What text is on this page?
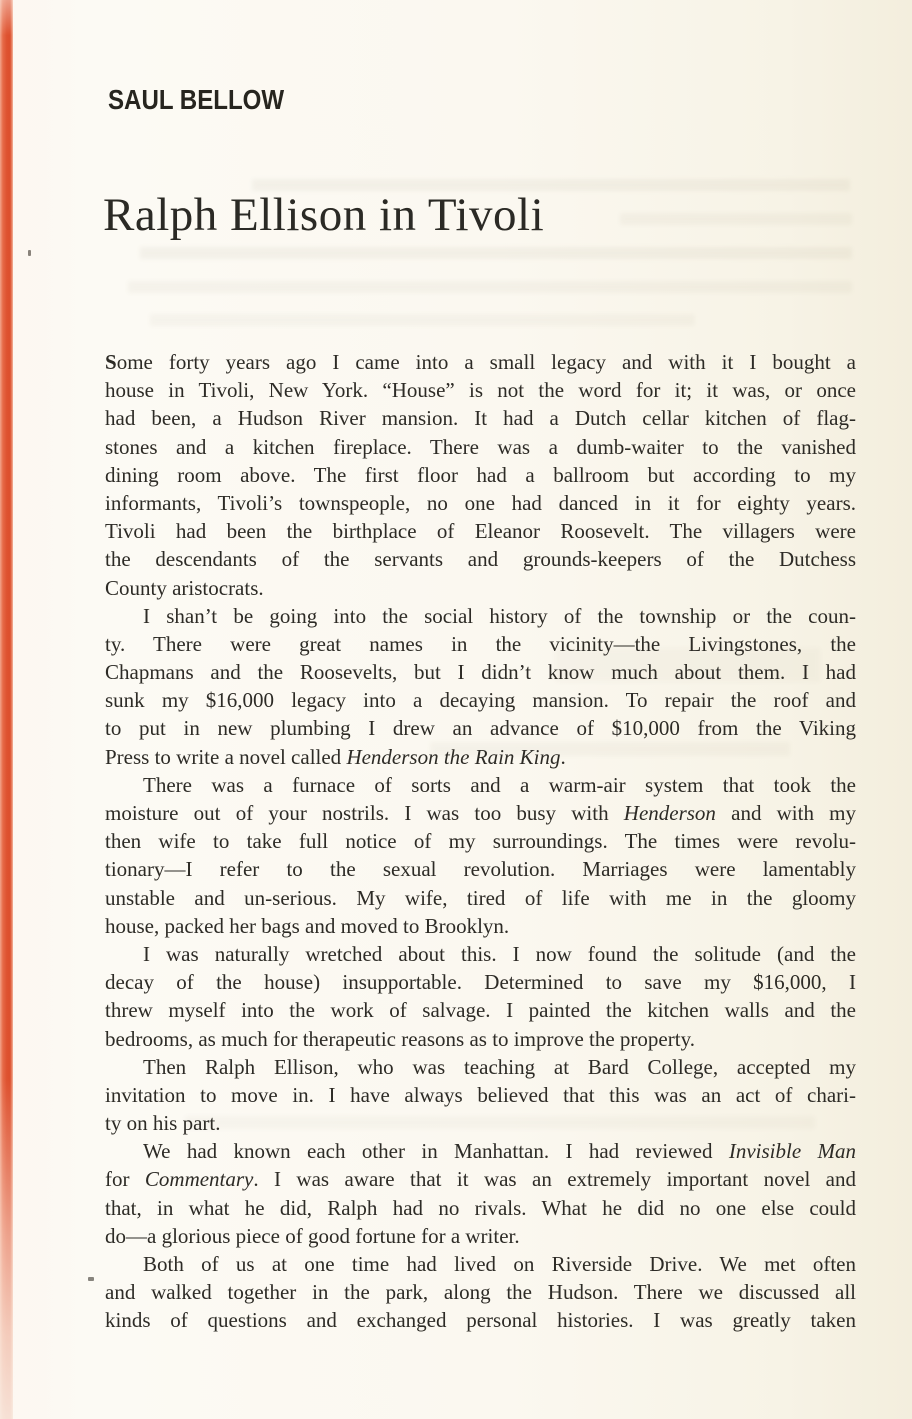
SAUL BELLOW
Ralph Ellison in Tivoli
Some forty years ago I came into a small legacy and with it I bought a
house in Tivoli, New York. “House” is not the word for it; it was, or once
had been, a Hudson River mansion. It had a Dutch cellar kitchen of flag-
stones and a kitchen fireplace. There was a dumb-waiter to the vanished
dining room above. The first floor had a ballroom but according to my
informants, Tivoli’s townspeople, no one had danced in it for eighty years.
Tivoli had been the birthplace of Eleanor Roosevelt. The villagers were
the descendants of the servants and grounds-keepers of the Dutchess
County aristocrats.
I shan’t be going into the social history of the township or the coun-
ty. There were great names in the vicinity—the Livingstones, the
Chapmans and the Roosevelts, but I didn’t know much about them. I had
sunk my $16,000 legacy into a decaying mansion. To repair the roof and
to put in new plumbing I drew an advance of $10,000 from the Viking
Press to write a novel called Henderson the Rain King.
There was a furnace of sorts and a warm-air system that took the
moisture out of your nostrils. I was too busy with Henderson and with my
then wife to take full notice of my surroundings. The times were revolu-
tionary—I refer to the sexual revolution. Marriages were lamentably
unstable and un-serious. My wife, tired of life with me in the gloomy
house, packed her bags and moved to Brooklyn.
I was naturally wretched about this. I now found the solitude (and the
decay of the house) insupportable. Determined to save my $16,000, I
threw myself into the work of salvage. I painted the kitchen walls and the
bedrooms, as much for therapeutic reasons as to improve the property.
Then Ralph Ellison, who was teaching at Bard College, accepted my
invitation to move in. I have always believed that this was an act of chari-
ty on his part.
We had known each other in Manhattan. I had reviewed Invisible Man
for Commentary. I was aware that it was an extremely important novel and
that, in what he did, Ralph had no rivals. What he did no one else could
do—a glorious piece of good fortune for a writer.
Both of us at one time had lived on Riverside Drive. We met often
and walked together in the park, along the Hudson. There we discussed all
kinds of questions and exchanged personal histories. I was greatly taken
